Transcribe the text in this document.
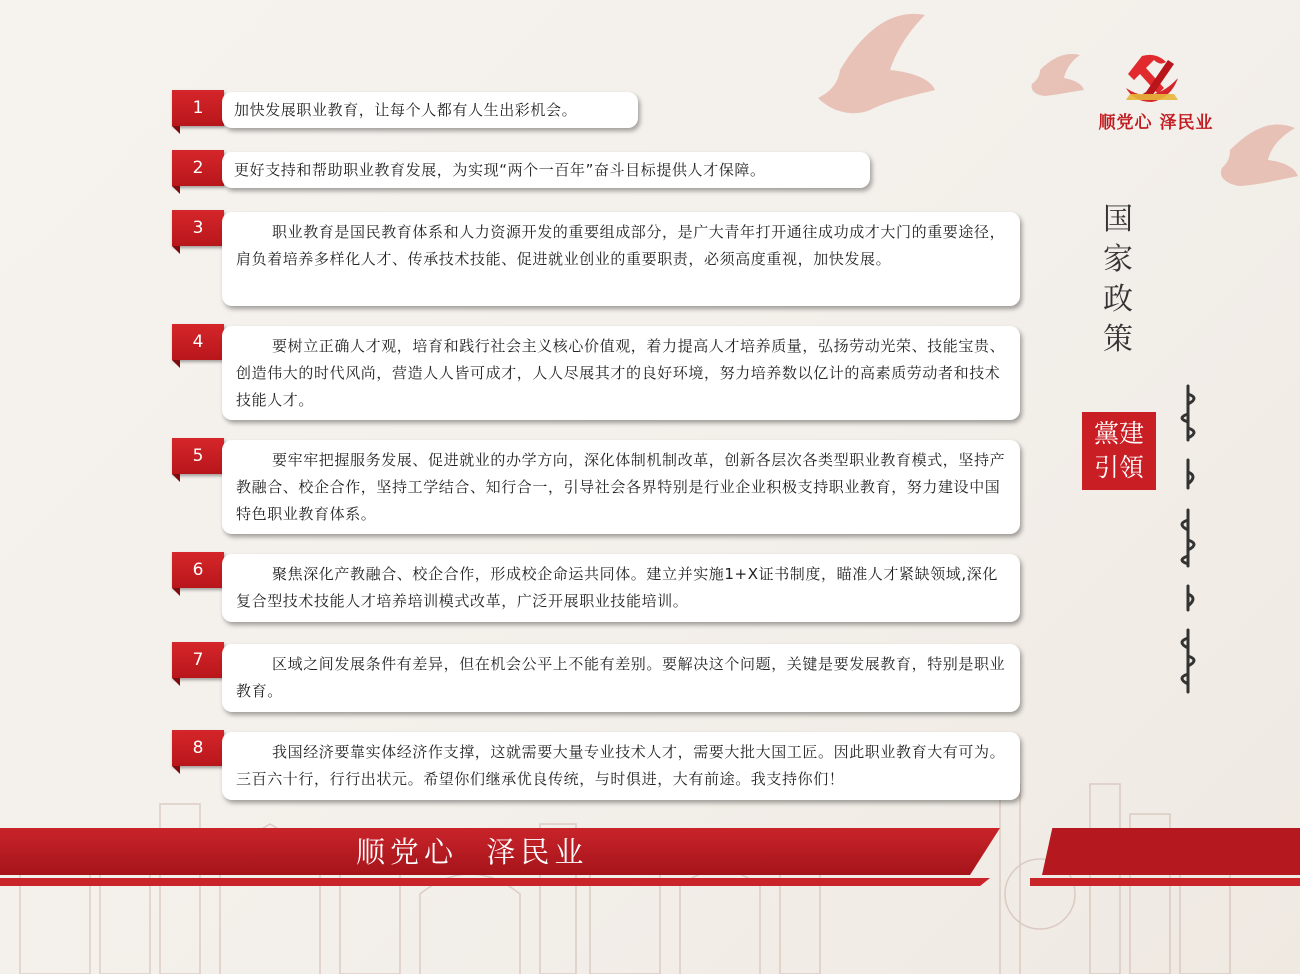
顺党心 泽民业
1	加快发展职业教育，让每个人都有人生出彩机会。
2	更好支持和帮助职业教育发展，为实现“两个一百年”奋斗目标提供人才保障。
3	职业教育是国民教育体系和人力资源开发的重要组成部分，是广大青年打开通往成功成才大门的重要途径，肩负着培养多样化人才、传承技术技能、促进就业创业的重要职责，必须高度重视，加快发展。
4	要树立正确人才观，培育和践行社会主义核心价值观，着力提高人才培养质量，弘扬劳动光荣、技能宝贵、创造伟大的时代风尚，营造人人皆可成才，人人尽展其才的良好环境，努力培养数以亿计的高素质劳动者和技术技能人才。
5	要牢牢把握服务发展、促进就业的办学方向，深化体制机制改革，创新各层次各类型职业教育模式，坚持产教融合、校企合作，坚持工学结合、知行合一，引导社会各界特别是行业企业积极支持职业教育，努力建设中国特色职业教育体系。
6	聚焦深化产教融合、校企合作，形成校企命运共同体。建立并实施1+X证书制度，瞄准人才紧缺领域,深化复合型技术技能人才培养培训模式改革，广泛开展职业技能培训。
7	区域之间发展条件有差异，但在机会公平上不能有差别。要解决这个问题，关键是要发展教育，特别是职业教育。
8	我国经济要靠实体经济作支撑，这就需要大量专业技术人才，需要大批大国工匠。因此职业教育大有可为。三百六十行，行行出状元。希望你们继承优良传统，与时俱进，大有前途。我支持你们！
国
家
政
策
黨建
引領
顺党心  泽民业
